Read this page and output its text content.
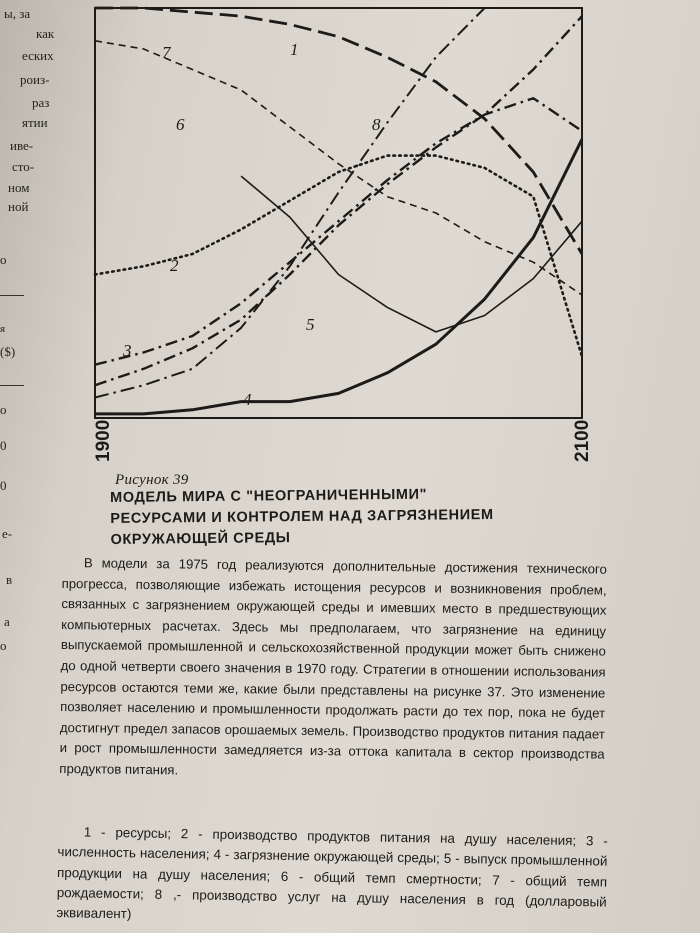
ы, за
как
еских
роиз-
раз
ятии
иве-
сто-
ном
ной
о
я
($)
о
0
0
е-
в
а
о
1
2
3
4
5
6
7
8
1900	2100
Рисунок 39
МОДЕЛЬ МИРА С "НЕОГРАНИЧЕННЫМИ"
РЕСУРСАМИ И КОНТРОЛЕМ НАД ЗАГРЯЗНЕНИЕМ
ОКРУЖАЮЩЕЙ СРЕДЫ

В модели за 1975 год реализуются дополнительные достижения технического прогресса, позволяющие избежать истощения ресурсов и возникновения проблем, связанных с загрязнением окружающей среды и имевших место в предшествующих компьютерных расчетах. Здесь мы предполагаем, что загрязнение на единицу выпускаемой промышленной и сельскохозяйственной продукции может быть снижено до одной четверти своего значения в 1970 году. Стратегии в отношении использования ресурсов остаются теми же, какие были представлены на рисунке 37. Это изменение позволяет населению и промышленности продолжать расти до тех пор, пока не будет достигнут предел запасов орошаемых земель. Производство продуктов питания падает и рост промышленности замедляется из-за оттока капитала в сектор производства продуктов питания.

1 - ресурсы; 2 - производство продуктов питания на душу населения; 3 - численность населения; 4 - загрязнение окружающей среды; 5 - выпуск промышленной продукции на душу населения; 6 - общий темп смертности; 7 - общий темп рождаемости; 8 ,- производство услуг на душу населения в год (долларовый эквивалент)
